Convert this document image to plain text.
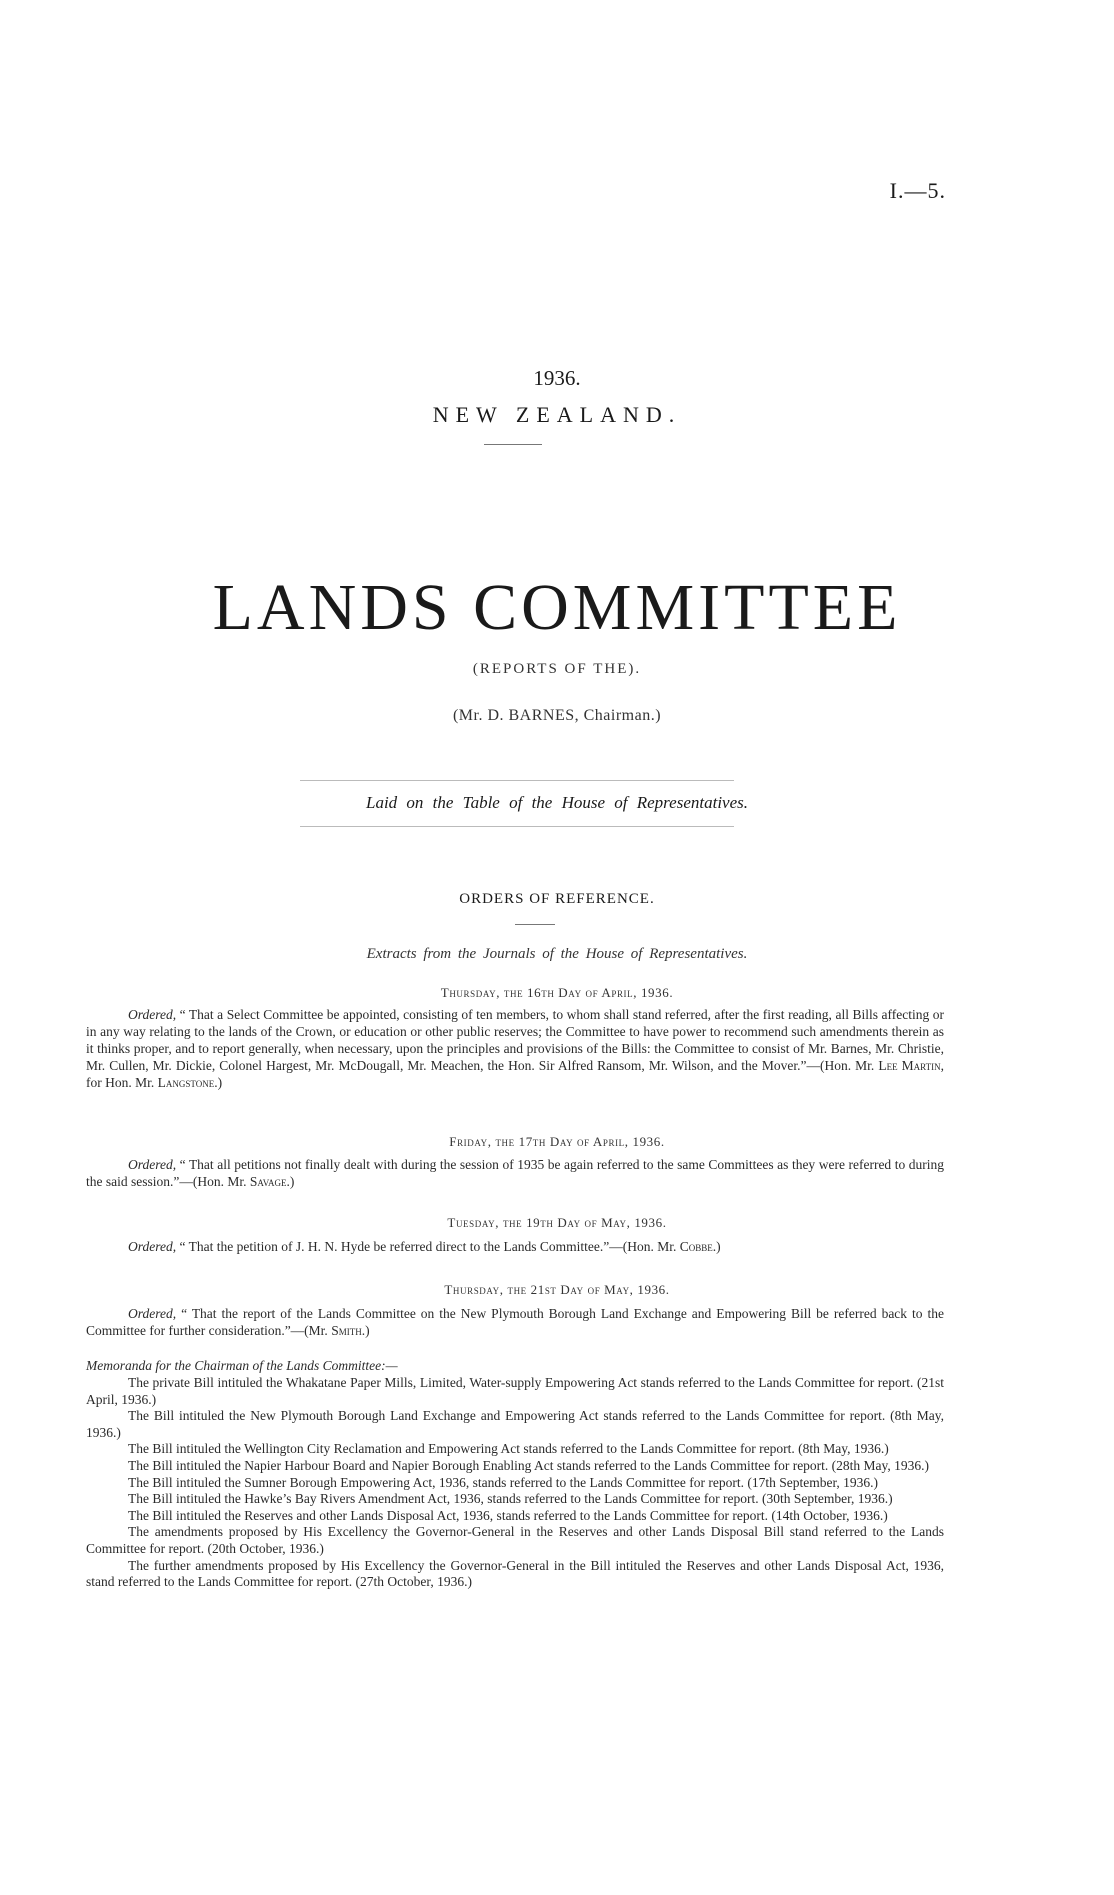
I.—5.
1936.
NEW ZEALAND.
LANDS COMMITTEE
(REPORTS OF THE).
(Mr. D. BARNES, Chairman.)
Laid on the Table of the House of Representatives.
ORDERS OF REFERENCE.
Extracts from the Journals of the House of Representatives.
Thursday, the 16th Day of April, 1936.

Ordered, “ That a Select Committee be appointed, consisting of ten members, to whom shall stand referred, after the first reading, all Bills affecting or in any way relating to the lands of the Crown, or education or other public reserves; the Committee to have power to recommend such amendments therein as it thinks proper, and to report generally, when necessary, upon the principles and provisions of the Bills: the Committee to consist of Mr. Barnes, Mr. Christie, Mr. Cullen, Mr. Dickie, Colonel Hargest, Mr. McDougall, Mr. Meachen, the Hon. Sir Alfred Ransom, Mr. Wilson, and the Mover.”—(Hon. Mr. Lee Martin, for Hon. Mr. Langstone.)

Friday, the 17th Day of April, 1936.

Ordered, “ That all petitions not finally dealt with during the session of 1935 be again referred to the same Committees as they were referred to during the said session.”—(Hon. Mr. Savage.)

Tuesday, the 19th Day of May, 1936.

Ordered, “ That the petition of J. H. N. Hyde be referred direct to the Lands Committee.”—(Hon. Mr. Cobbe.)

Thursday, the 21st Day of May, 1936.

Ordered, “ That the report of the Lands Committee on the New Plymouth Borough Land Exchange and Empowering Bill be referred back to the Committee for further consideration.”—(Mr. Smith.)

Memoranda for the Chairman of the Lands Committee:—

The private Bill intituled the Whakatane Paper Mills, Limited, Water-supply Empowering Act stands referred to the Lands Committee for report. (21st April, 1936.)

The Bill intituled the New Plymouth Borough Land Exchange and Empowering Act stands referred to the Lands Committee for report. (8th May, 1936.)

The Bill intituled the Wellington City Reclamation and Empowering Act stands referred to the Lands Committee for report. (8th May, 1936.)

The Bill intituled the Napier Harbour Board and Napier Borough Enabling Act stands referred to the Lands Committee for report. (28th May, 1936.)

The Bill intituled the Sumner Borough Empowering Act, 1936, stands referred to the Lands Committee for report. (17th September, 1936.)

The Bill intituled the Hawke’s Bay Rivers Amendment Act, 1936, stands referred to the Lands Committee for report. (30th September, 1936.)

The Bill intituled the Reserves and other Lands Disposal Act, 1936, stands referred to the Lands Committee for report. (14th October, 1936.)

The amendments proposed by His Excellency the Governor-General in the Reserves and other Lands Disposal Bill stand referred to the Lands Committee for report. (20th October, 1936.)

The further amendments proposed by His Excellency the Governor-General in the Bill intituled the Reserves and other Lands Disposal Act, 1936, stand referred to the Lands Committee for report. (27th October, 1936.)
